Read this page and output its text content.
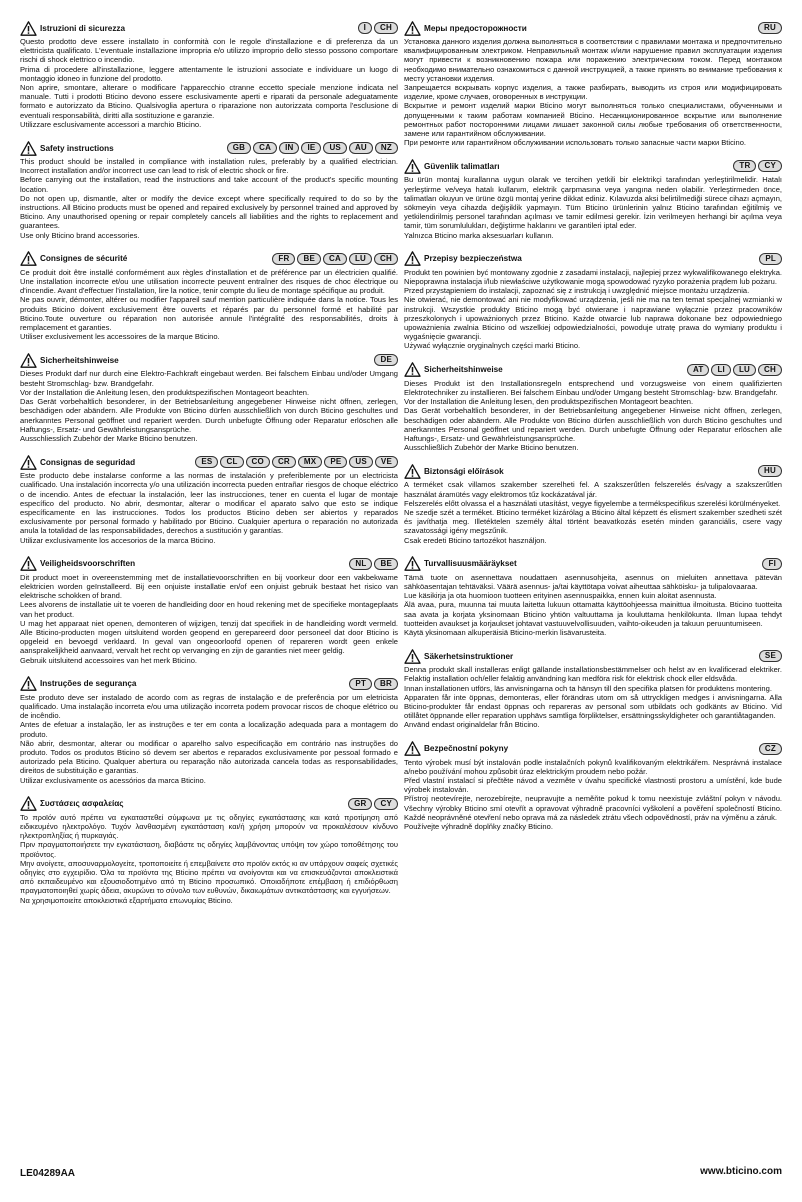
Istruzioni di sicurezza	I	CH

Questo prodotto deve essere installato in conformità con le regole d'installazione e di preferenza da un elettricista qualificato. L'eventuale installazione impropria e/o utilizzo improprio dello stesso possono comportare rischi di shock elettrico o incendio.

Prima di procedere all'installazione, leggere attentamente le istruzioni associate e individuare un luogo di montaggio idoneo in funzione del prodotto.

Non aprire, smontare, alterare o modificare l'apparecchio ctranne eccetto speciale menzione indicata nel manuale. Tutti i prodotti Bticino devono essere esclusivamente aperti e riparati da personale adeguatamente formato e autorizzato da Bticino. Qualsivoglia apertura o riparazione non autorizzata comporta l'esclusione di eventuali responsabilità, diritti alla sostituzione e garanzie.

Utilizzare esclusivamente accessori a marchio Bticino.

Safety instructions	GB	CA	IN	IE	US	AU	NZ

This product should be installed in compliance with installation rules, preferably by a qualified electrician. Incorrect installation and/or incorrect use can lead to risk of electric shock or fire.

Before carrying out the installation, read the instructions and take account of the product's specific mounting location.

Do not open up, dismantle, alter or modify the device except where specifically required to do so by the instructions. All Bticino products must be opened and repaired exclusively by personnel trained and approved by Bticino. Any unauthorised opening or repair completely cancels all liabilities and the rights to replacement and guarantees.

Use only Bticino brand accessories.

Consignes de sécurité	FR	BE	CA	LU	CH

Ce produit doit être installé conformément aux règles d'installation et de préférence par un électricien qualifié. Une installation incorrecte et/ou une utilisation incorrecte peuvent entraîner des risques de choc électrique ou d'incendie. Avant d'effectuer l'installation, lire la notice, tenir compte du lieu de montage spécifique au produit.

Ne pas ouvrir, démonter, altérer ou modifier l'appareil sauf mention particulière indiquée dans la notice. Tous les produits Bticino doivent exclusivement être ouverts et réparés par du personnel formé et habilité par Bticino.Toute ouverture ou réparation non autorisée annule l'intégralité des responsabilités, droits à remplacement et garanties.

Utiliser exclusivement les accessoires de la marque Bticino.

Sicherheitshinweise	DE

Dieses Produkt darf nur durch eine Elektro-Fachkraft eingebaut werden. Bei falschem Einbau und/oder Umgang besteht Stromschlag- bzw. Brandgefahr.

Vor der Installation die Anleitung lesen, den produktspezifischen Montageort beachten.

Das Gerät vorbehaltlich besonderer, in der Betriebsanleitung angegebener Hinweise nicht öffnen, zerlegen, beschädigen oder abändern. Alle Produkte von Bticino dürfen ausschließlich von durch Bticino geschultes und anerkanntes Personal geöffnet und repariert werden. Durch unbefugte Öffnung oder Reparatur erlöschen alle Haftungs-, Ersatz- und Gewährleistungsansprüche.

Ausschliesslich Zubehör der Marke Bticino benutzen.

Consignas de seguridad	ES	CL	CO	CR	MX	PE	US	VE

Este producto debe instalarse conforme a las normas de instalación y preferiblemente por un electricista cualificado. Una instalación incorrecta y/o una utilización incorrecta pueden entrañar riesgos de choque eléctrico o de incendio. Antes de efectuar la instalación, leer las instrucciones, tener en cuenta el lugar de montaje específico del producto. No abrir, desmontar, alterar o modificar el aparato salvo que esto se indique específicamente en las instrucciones. Todos los productos Bticino deben ser abiertos y reparados exclusivamente por personal formado y habilitado por Bticino. Cualquier apertura o reparación no autorizada anula la totalidad de las responsabilidades, derechos a sustitución y garantías.

Utilizar exclusivamente los accesorios de la marca Bticino.

Veiligheidsvoorschriften	NL	BE

Dit product moet in overeenstemming met de installatievoorschriften en bij voorkeur door een vakbekwame elektricien worden geïnstalleerd. Bij een onjuiste installatie en/of een onjuist gebruik bestaat het risico van elektrische schokken of brand.

Lees alvorens de installatie uit te voeren de handleiding door en houd rekening met de specifieke montageplaats van het product.

U mag het apparaat niet openen, demonteren of wijzigen, tenzij dat specifiek in de handleiding wordt vermeld. Alle Bticino-producten mogen uitsluitend worden geopend en gerepareerd door personeel dat door Bticino is opgeleid en bevoegd verklaard. In geval van ongeoorloofd openen of repareren wordt geen enkele aansprakelijkheid aanvaard, vervalt het recht op vervanging en zijn de garanties niet meer geldig.

Gebruik uitsluitend accessoires van het merk Bticino.

Instruções de segurança	PT	BR

Este produto deve ser instalado de acordo com as regras de instalação e de preferência por um eletricista qualificado. Uma instalação incorreta e/ou uma utilização incorreta podem provocar riscos de choque elétrico ou de incêndio.

Antes de efetuar a instalação, ler as instruções e ter em conta a localização adequada para a montagem do produto.

Não abrir, desmontar, alterar ou modificar o aparelho salvo especificação em contrário nas instruções do produto. Todos os produtos Bticino só devem ser abertos e reparados exclusivamente por pessoal formado e autorizado pela Bticino. Qualquer abertura ou reparação não autorizada cancela todas as responsabilidades, direitos de substituição e garantias.

Utilizar exclusivamente os acessórios da marca Bticino.

Συστάσεις ασφαλείας	GR	CY

Το προϊόν αυτό πρέπει να εγκαταστεθεί σύμφωνα με τις οδηγίες εγκατάστασης και κατά προτίμηση από ειδικευμένο ηλεκτρολόγο. Τυχόν λανθασμένη εγκατάσταση και/ή χρήση μπορούν να προκαλέσουν κίνδυνο ηλεκτροπληξίας ή πυρκαγιάς.

Πριν πραγματοποιήσετε την εγκατάσταση, διαβάστε τις οδηγίες λαμβάνοντας υπόψη τον χώρο τοποθέτησης του προϊόντος.

Μην ανοίγετε, αποσυναρμολογείτε, τροποποιείτε ή επεμβαίνετε στο προϊόν εκτός κι αν υπάρχουν σαφείς σχετικές οδηγίες στο εγχειρίδιο. Όλα τα προϊόντα της Bticino πρέπει να ανοίγονται και να επισκευάζονται αποκλειστικά από εκπαιδευμένο και εξουσιοδοτημένο από τη Bticino προσωπικό. Οποιαδήποτε επέμβαση ή επιδιόρθωση πραγματοποιηθεί χωρίς άδεια, ακυρώνει το σύνολο των ευθυνών, δικαιωμάτων αντικατάστασης και εγγυήσεων.

Να χρησιμοποιείτε αποκλειστικά εξαρτήματα επωνυμίας Bticino.

Меры предосторожности	RU

Установка данного изделия должна выполняться в соответствии с правилами монтажа и предпочтительно квалифицированным электриком. Неправильный монтаж и/или нарушение правил эксплуатации изделия могут привести к возникновению пожара или поражению электрическим током. Перед монтажом необходимо внимательно ознакомиться с данной инструкцией, а также принять во внимание требования к месту установки изделия.

Запрещается вскрывать корпус изделия, а также разбирать, выводить из строя или модифицировать изделие, кроме случаев, оговоренных в инструкции.

Вскрытие и ремонт изделий марки Bticino могут выполняться только специалистами, обученными и допущенными к таким работам компанией Bticino. Несанкционированное вскрытие или выполнение ремонтных работ посторонними лицами лишает законной силы любые требования об ответственности, замене или гарантийном обслуживании.

При ремонте или гарантийном обслуживании использовать только запасные части марки Bticino.

Güvenlik talimatları	TR	CY

Bu ürün montaj kurallarına uygun olarak ve tercihen yetkili bir elektrikçi tarafından yerleştirilmelidir. Hatalı yerleştirme ve/veya hatalı kullanım, elektrik çarpmasına veya yangına neden olabilir. Yerleştirmeden önce, talimatları okuyun ve ürüne özgü montaj yerine dikkat ediniz. Kılavuzda aksi belirtilmediği sürece cihazı açmayın, sökmeyin veya cihazda değişiklik yapmayın. Tüm Bticino ürünlerinin yalnız Bticino tarafından eğitilmiş ve yetkilendirilmiş personel tarafından açılması ve tamir edilmesi gerekir. İzin verilmeyen herhangi bir açılma veya tamir, tüm sorumlulukları, değiştirme haklarını ve garantileri iptal eder.

Yalnızca Bticino marka aksesuarları kullanın.

Przepisy bezpieczeństwa	PL

Produkt ten powinien być montowany zgodnie z zasadami instalacji, najlepiej przez wykwalifikowanego elektryka. Niepoprawna instalacja i/lub niewłaściwe użytkowanie mogą spowodować ryzyko porażenia prądem lub pożaru.

Przed przystąpieniem do instalacji, zapoznać się z instrukcją i uwzględnić miejsce montażu urządzenia.

Nie otwierać, nie demontować ani nie modyfikować urządzenia, jeśli nie ma na ten temat specjalnej wzmianki w instrukcji. Wszystkie produkty Bticino mogą być otwierane i naprawiane wyłącznie przez pracowników przeszkolonych i upoważnionych przez Bticino. Każde otwarcie lub naprawa dokonane bez odpowiedniego upoważnienia zwalnia Bticino od wszelkiej odpowiedzialności, powoduje utratę prawa do wymiany produktu i wygaśnięcie gwarancji.

Używać wyłącznie oryginalnych części marki Bticino.

Sicherheitshinweise	AT	LI	LU	CH

Dieses Produkt ist den Installationsregeln entsprechend und vorzugsweise von einem qualifizierten Elektrotechniker zu installieren. Bei falschem Einbau und/oder Umgang besteht Stromschlag- bzw. Brandgefahr.

Vor der Installation die Anleitung lesen, den produktspezifischen Montageort beachten.

Das Gerät vorbehaltlich besonderer, in der Betriebsanleitung angegebener Hinweise nicht öffnen, zerlegen, beschädigen oder abändern. Alle Produkte von Bticino dürfen ausschließlich von durch Bticino geschultes und anerkanntes Personal geöffnet und repariert werden. Durch unbefugte Öffnung oder Reparatur erlöschen alle Haftungs-, Ersatz- und Gewährleistungsansprüche.

Ausschließlich Zubehör der Marke Bticino benutzen.

Biztonsági előírások	HU

A terméket csak villamos szakember szerelheti fel. A szakszerűtlen felszerelés és/vagy a szakszerűtlen használat áramütés vagy elektromos tűz kockázatával jár.

Felszerelés előtt olvassa el a használati utasítást, vegye figyelembe a termékspecifikus szerelési körülményeket.

Ne szedje szét a terméket. Bticino terméket kizárólag a Bticino által képzett és elismert szakember szedheti szét és javíthatja meg. Illetéktelen személy által történt beavatkozás esetén minden garanciális, csere vagy szavatossági igény megszűnik.

Csak eredeti Bticino tartozékot használjon.

Turvallisuusmääräykset	FI

Tämä tuote on asennettava noudattaen asennusohjeita, asennus on mieluiten annettava pätevän sähköasentajan tehtäväksi. Väärä asennus- ja/tai käyttötapa voivat aiheuttaa sähköisku- ja tulipalovaaraa.

Lue käsikirja ja ota huomioon tuotteen erityinen asennuspaikka, ennen kuin aloitat asennusta.

Älä avaa, pura, muunna tai muuta laitetta lukuun ottamatta käyttöohjeessa mainittua ilmoitusta. Bticino tuotteita saa avata ja korjata yksinomaan Bticino yhtiön valtuuttama ja kouluttama henkilökunta. Ilman lupaa tehdyt tuotteiden avaukset ja korjaukset johtavat vastuuvelvollisuuden, vaihto-oikeuden ja takuun peruuntumiseen.

Käytä yksinomaan alkuperäisiä Bticino-merkin lisävarusteita.

Säkerhetsinstruktioner	SE

Denna produkt skall installeras enligt gällande installationsbestämmelser och helst av en kvalificerad elektriker. Felaktig installation och/eller felaktig användning kan medföra risk för elektrisk chock eller eldsvåda.

Innan installationen utförs, läs anvisningarna och ta hänsyn till den specifika platsen för produktens montering.

Apparaten får inte öppnas, demonteras, eller förändras utom om så uttryckligen medges i anvisningarna. Alla Bticino-produkter får endast öppnas och repareras av personal som utbildats och godkänts av Bticino. Vid otillåtet öppnande eller reparation upphävs samtliga förpliktelser, ersättningsskyldigheter och garantiåtaganden.

Använd endast originaldelar från Bticino.

Bezpečnostní pokyny	CZ

Tento výrobek musí být instalován podle instalačních pokynů kvalifikovaným elektrikářem. Nesprávná instalace a/nebo používání mohou způsobit úraz elektrickým proudem nebo požár.

Před vlastní instalací si přečtěte návod a vezměte v úvahu specifické vlastnosti prostoru a umístění, kde bude výrobek instalován.

Přístroj neotevírejte, nerozebírejte, neupravujte a neměňte pokud k tomu neexistuje zvláštní pokyn v návodu. Všechny výrobky Bticino smí otevřít a opravovat výhradně pracovníci vyškolení a pověření společností Bticino. Každé neoprávněné otevření nebo oprava má za následek ztrátu všech odpovědností, práv na výměnu a záruk.

Používejte výhradně doplňky značky Bticino.

LE04289AA	www.bticino.com
